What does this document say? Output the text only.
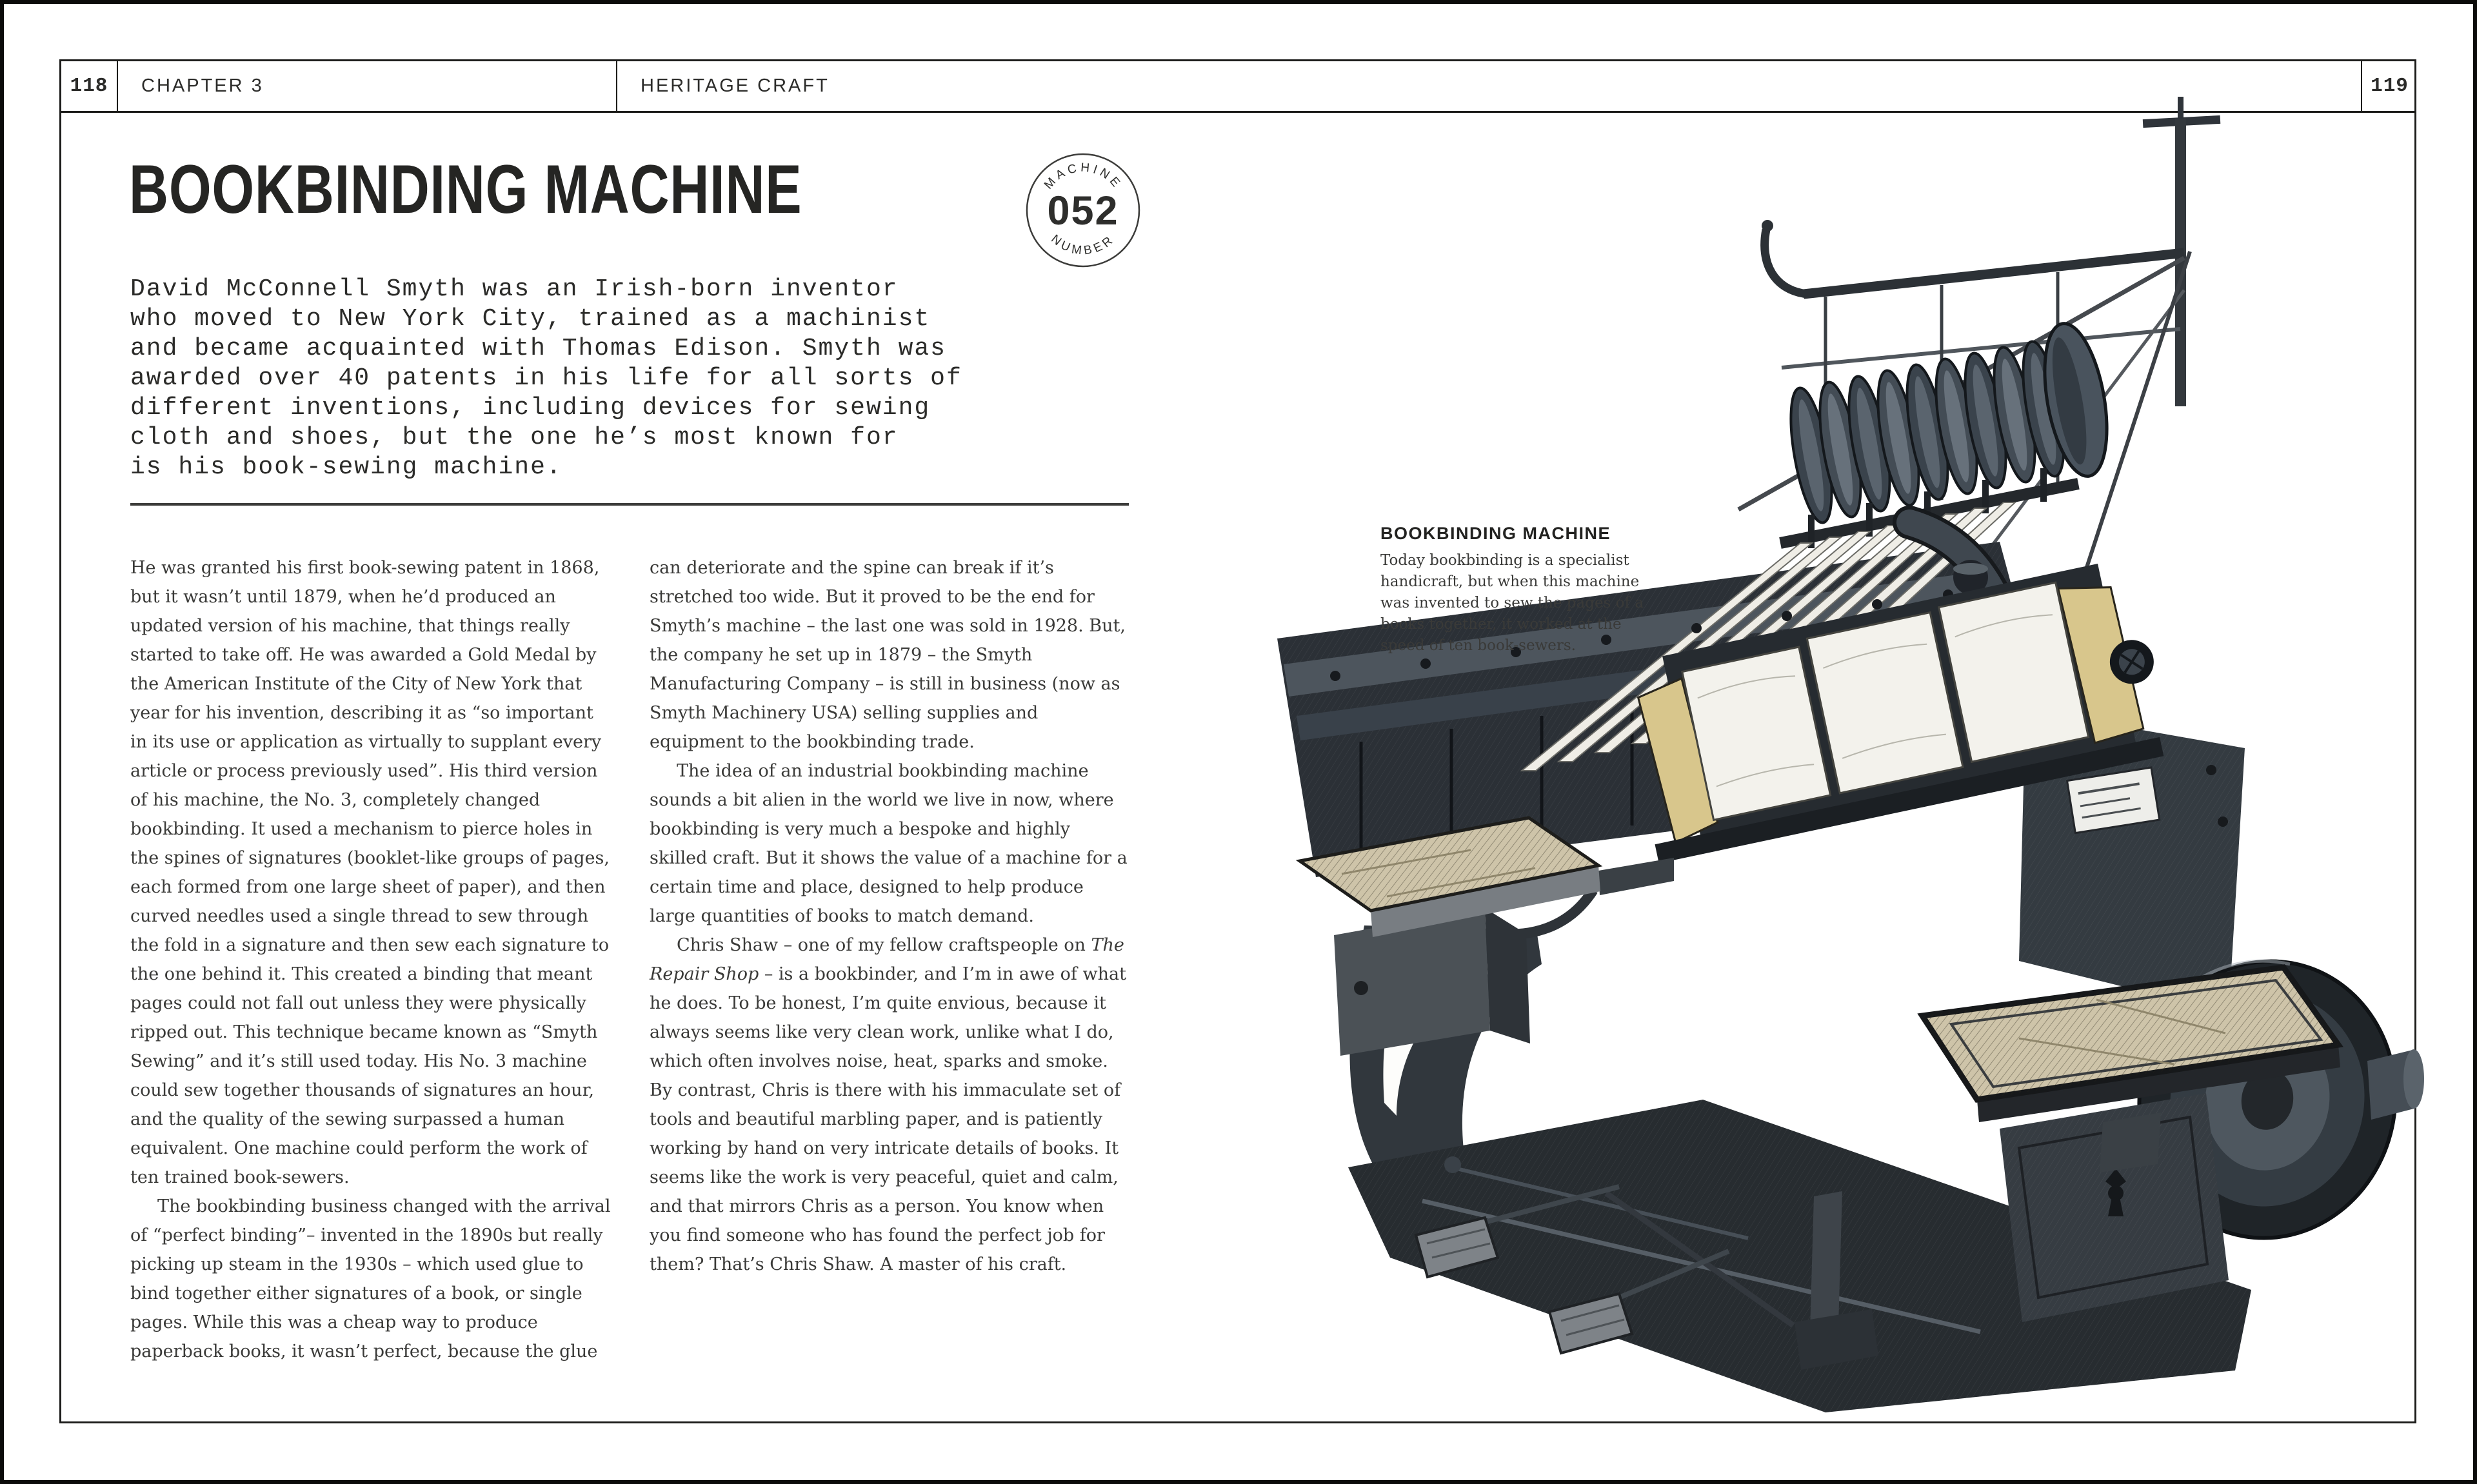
118	CHAPTER 3	HERITAGE CRAFT	119
BOOKBINDING MACHINE	MACHINE
052
NUMBER
David McConnell Smyth was an Irish-born inventor
who moved to New York City, trained as a machinist
and became acquainted with Thomas Edison. Smyth was
awarded over 40 patents in his life for all sorts of
different inventions, including devices for sewing
cloth and shoes, but the one he’s most known for
is his book-sewing machine.

He was granted his first book-sewing patent in 1868, but it wasn’t until 1879, when he’d produced an updated version of his machine, that things really started to take off. He was awarded a Gold Medal by the American Institute of the City of New York that year for his invention, describing it as “so important in its use or application as virtually to supplant every article or process previously used”. His third version of his machine, the No. 3, completely changed bookbinding. It used a mechanism to pierce holes in the spines of signatures (booklet-like groups of pages, each formed from one large sheet of paper), and then curved needles used a single thread to sew through the fold in a signature and then sew each signature to the one behind it. This created a binding that meant pages could not fall out unless they were physically ripped out. This technique became known as “Smyth Sewing” and it’s still used today. His No. 3 machine could sew together thousands of signatures an hour, and the quality of the sewing surpassed a human equivalent. One machine could perform the work of ten trained book-sewers.

The bookbinding business changed with the arrival of “perfect binding”– invented in the 1890s but really picking up steam in the 1930s – which used glue to bind together either signatures of a book, or single pages. While this was a cheap way to produce paperback books, it wasn’t perfect, because the glue can deteriorate and the spine can break if it’s stretched too wide. But it proved to be the end for Smyth’s machine – the last one was sold in 1928. But, the company he set up in 1879 – the Smyth Manufacturing Company – is still in business (now as Smyth Machinery USA) selling supplies and equipment to the bookbinding trade.

The idea of an industrial bookbinding machine sounds a bit alien in the world we live in now, where bookbinding is very much a bespoke and highly skilled craft. But it shows the value of a machine for a certain time and place, designed to help produce large quantities of books to match demand.

Chris Shaw – one of my fellow craftspeople on The Repair Shop – is a bookbinder, and I’m in awe of what he does. To be honest, I’m quite envious, because it always seems like very clean work, unlike what I do, which often involves noise, heat, sparks and smoke. By contrast, Chris is there with his immaculate set of tools and beautiful marbling paper, and is patiently working by hand on very intricate details of books. It seems like the work is very peaceful, quiet and calm, and that mirrors Chris as a person. You know when you find someone who has found the perfect job for them? That’s Chris Shaw. A master of his craft.

BOOKBINDING MACHINE
Today bookbinding is a specialist handicraft, but when this machine was invented to sew the pages of a books together, it worked at the speed of ten book-sewers.
